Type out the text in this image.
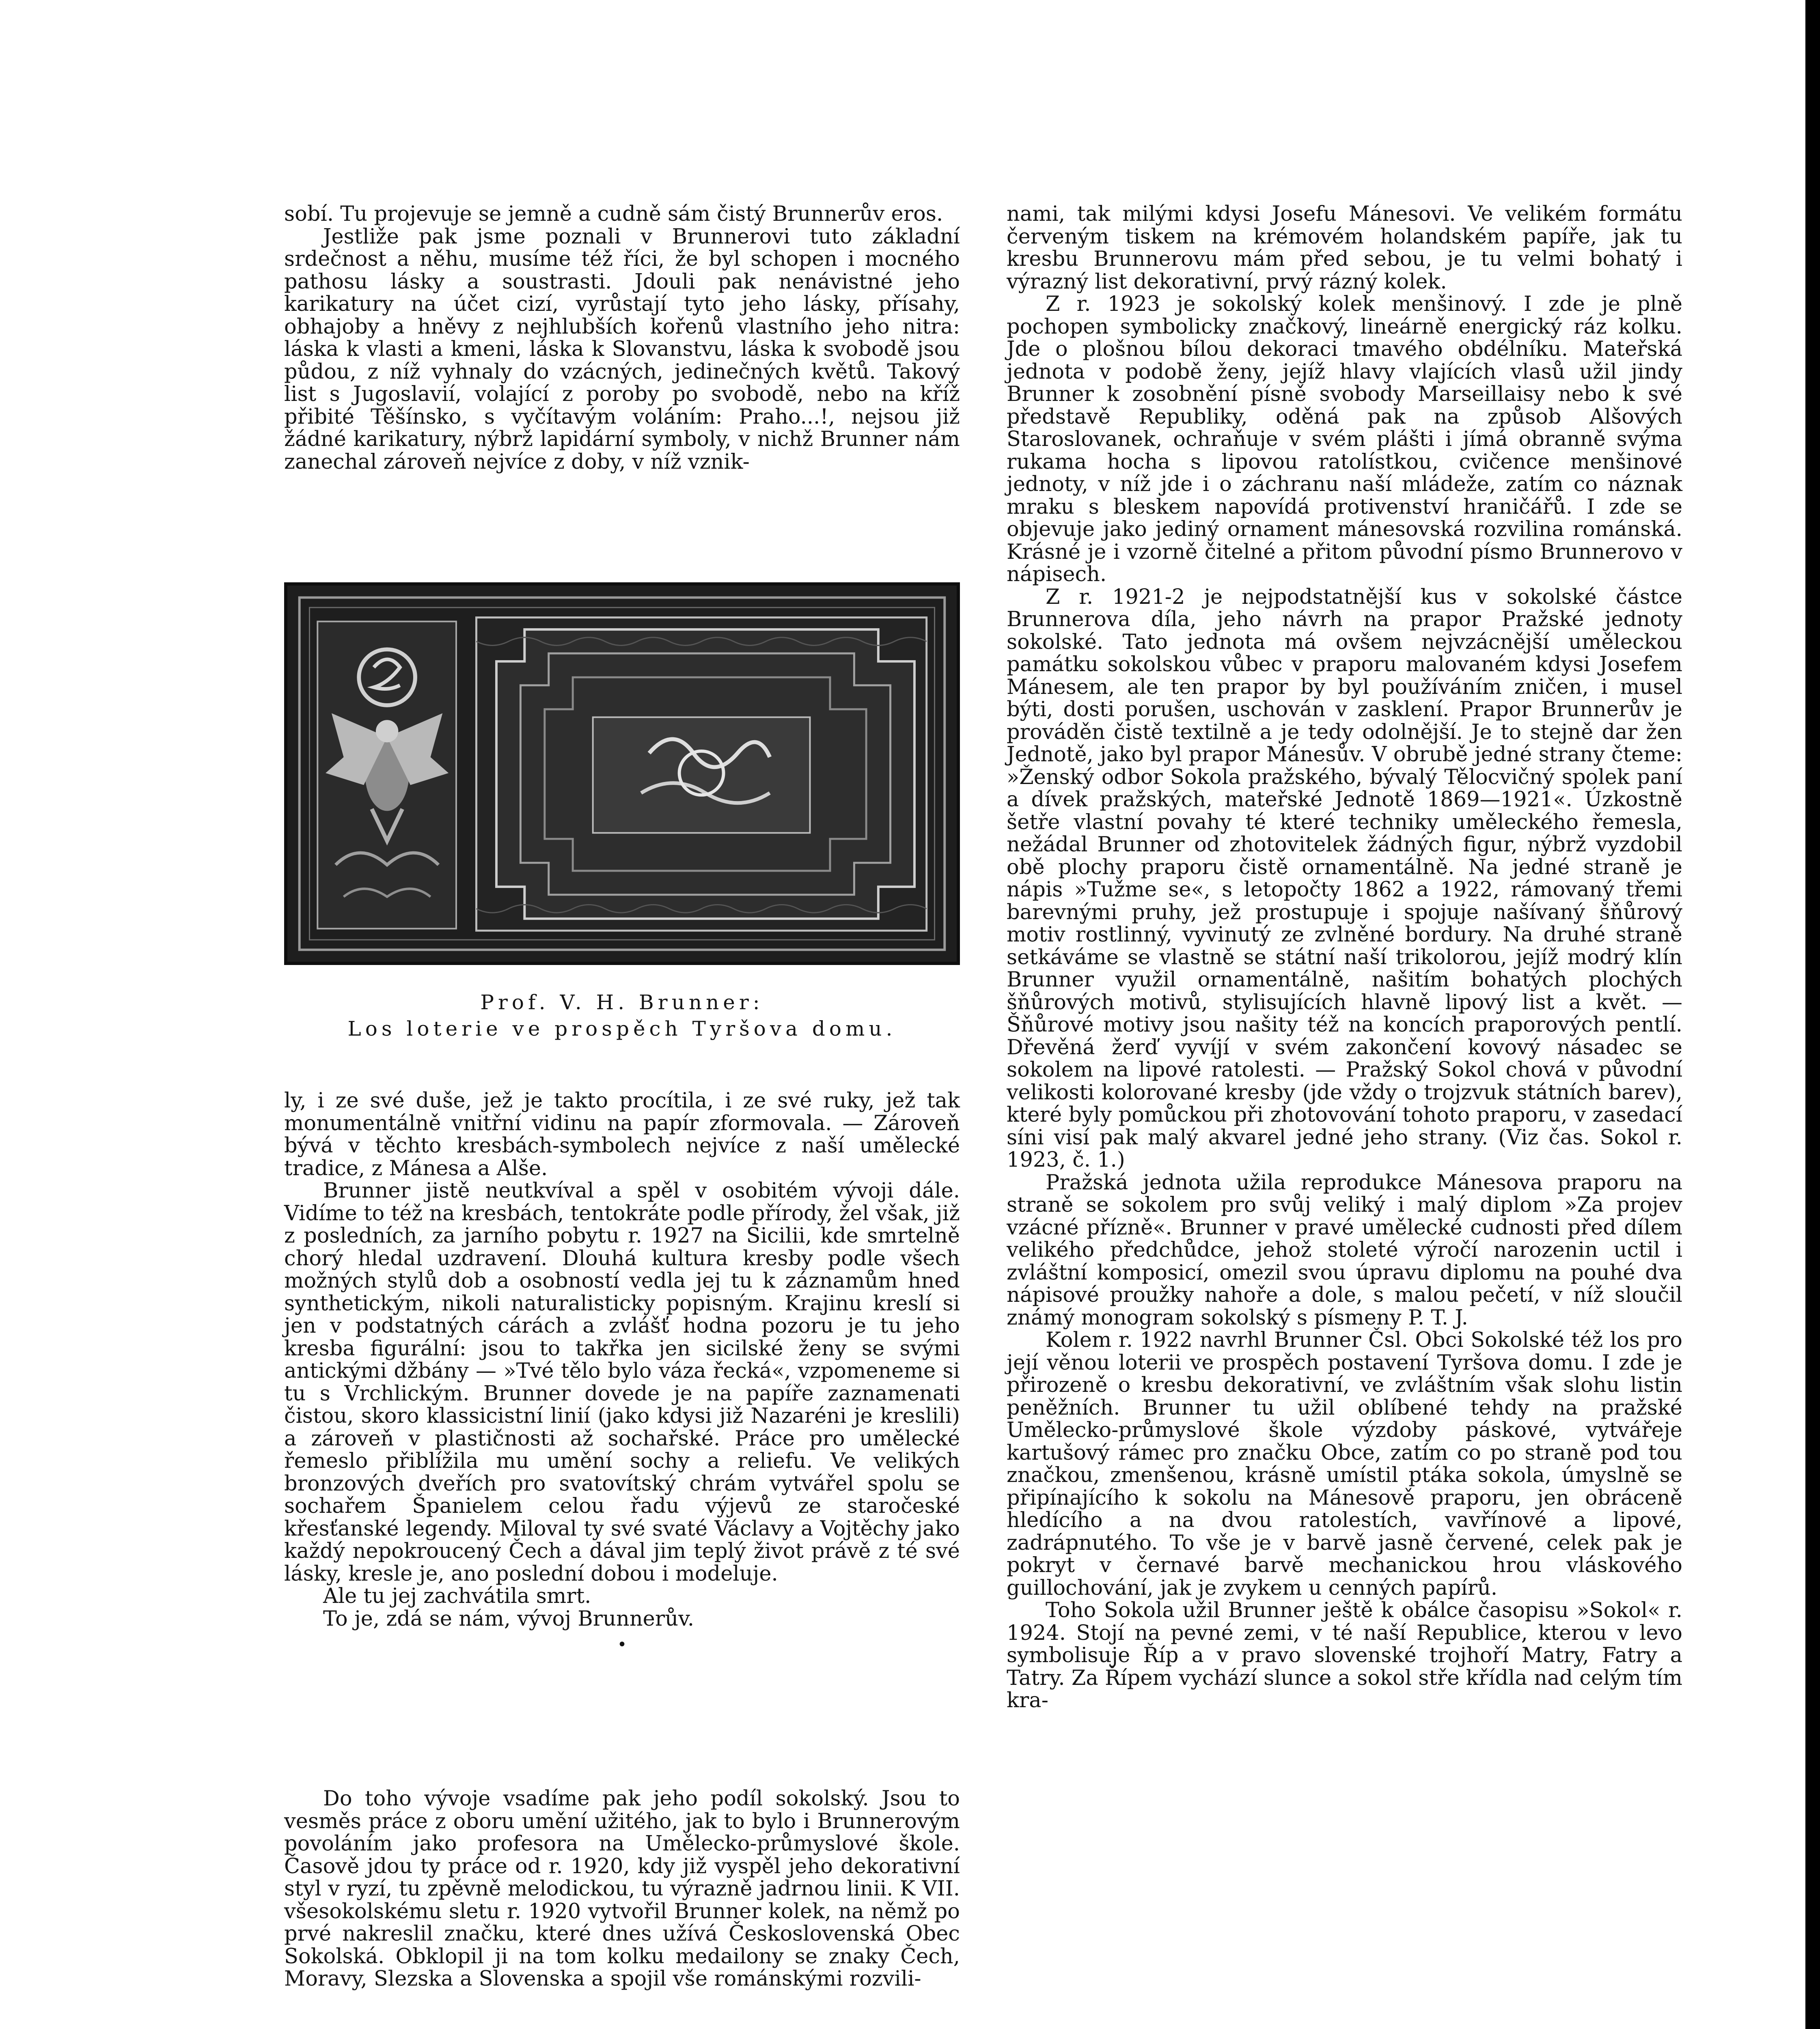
sobí. Tu projevuje se jemně a cudně sám čistý Brunnerův eros.

Jestliže pak jsme poznali v Brunnerovi tuto základní srdečnost a něhu, musíme též říci, že byl schopen i mocného pathosu lásky a soustrasti. Jdouli pak nenávistné jeho karikatury na účet cizí, vyrůstají tyto jeho lásky, přísahy, obhajoby a hněvy z nejhlubších kořenů vlastního jeho nitra: láska k vlasti a kmeni, láska k Slovanstvu, láska k svobodě jsou půdou, z níž vyhnaly do vzácných, jedinečných květů. Takový list s Jugoslavií, volající z poroby po svobodě, nebo na kříž přibité Těšínsko, s vyčítavým voláním: Praho...!, nejsou již žádné karikatury, nýbrž lapidární symboly, v nichž Brunner nám zanechal zároveň nejvíce z doby, v níž vznik-

Prof. V. H. Brunner:
Los loterie ve prospěch Tyršova domu.

ly, i ze své duše, jež je takto procítila, i ze své ruky, jež tak monumentálně vnitřní vidinu na papír zformovala. — Zároveň bývá v těchto kresbách-symbolech nejvíce z naší umělecké tradice, z Mánesa a Alše.

Brunner jistě neutkvíval a spěl v osobitém vývoji dále. Vidíme to též na kresbách, tentokráte podle přírody, žel však, již z posledních, za jarního pobytu r. 1927 na Sicilii, kde smrtelně chorý hledal uzdravení. Dlouhá kultura kresby podle všech možných stylů dob a osobností vedla jej tu k záznamům hned synthetickým, nikoli naturalisticky popisným. Krajinu kreslí si jen v podstatných cárách a zvlášť hodna pozoru je tu jeho kresba figurální: jsou to takřka jen sicilské ženy se svými antickými džbány — »Tvé tělo bylo váza řecká«, vzpomeneme si tu s Vrchlickým. Brunner dovede je na papíře zaznamenati čistou, skoro klassicistní linií (jako kdysi již Nazaréni je kreslili) a zároveň v plastičnosti až sochařské. Práce pro umělecké řemeslo přiblížila mu umění sochy a reliefu. Ve velikých bronzových dveřích pro svatovítský chrám vytvářel spolu se sochařem Španielem celou řadu výjevů ze staročeské křesťanské legendy. Miloval ty své svaté Václavy a Vojtěchy jako každý nepokroucený Čech a dával jim teplý život právě z té své lásky, kresle je, ano poslední dobou i modeluje.

Ale tu jej zachvátila smrt.

To je, zdá se nám, vývoj Brunnerův.

•

Do toho vývoje vsadíme pak jeho podíl sokolský. Jsou to vesměs práce z oboru umění užitého, jak to bylo i Brunnerovým povoláním jako profesora na Umělecko-průmyslové škole. Časově jdou ty práce od r. 1920, kdy již vyspěl jeho dekorativní styl v ryzí, tu zpěvně melodickou, tu výrazně jadrnou linii. K VII. všesokolskému sletu r. 1920 vytvořil Brunner kolek, na němž po prvé nakreslil značku, které dnes užívá Československá Obec Sokolská. Obklopil ji na tom kolku medailony se znaky Čech, Moravy, Slezska a Slovenska a spojil vše románskými rozvili-

nami, tak milými kdysi Josefu Mánesovi. Ve velikém formátu červeným tiskem na krémovém holandském papíře, jak tu kresbu Brunnerovu mám před sebou, je tu velmi bohatý i výrazný list dekorativní, prvý rázný kolek.

Z r. 1923 je sokolský kolek menšinový. I zde je plně pochopen symbolicky značkový, lineárně energický ráz kolku. Jde o plošnou bílou dekoraci tmavého obdélníku. Mateřská jednota v podobě ženy, jejíž hlavy vlajících vlasů užil jindy Brunner k zosobnění písně svobody Marseillaisy nebo k své představě Republiky, oděná pak na způsob Alšových Staroslovanek, ochraňuje v svém plášti i jímá obranně svýma rukama hocha s lipovou ratolístkou, cvičence menšinové jednoty, v níž jde i o záchranu naší mládeže, zatím co náznak mraku s bleskem napovídá protivenství hraničářů. I zde se objevuje jako jediný ornament mánesovská rozvilina románská. Krásné je i vzorně čitelné a přitom původní písmo Brunnerovo v nápisech.

Z r. 1921-2 je nejpodstatnější kus v sokolské částce Brunnerova díla, jeho návrh na prapor Pražské jednoty sokolské. Tato jednota má ovšem nejvzácnější uměleckou památku sokolskou vůbec v praporu malovaném kdysi Josefem Mánesem, ale ten prapor by byl používáním zničen, i musel býti, dosti porušen, uschován v zasklení. Prapor Brunnerův je prováděn čistě textilně a je tedy odolnější. Je to stejně dar žen Jednotě, jako byl prapor Mánesův. V obrubě jedné strany čteme: »Ženský odbor Sokola pražského, bývalý Tělocvičný spolek paní a dívek pražských, mateřské Jednotě 1869—1921«. Úzkostně šetře vlastní povahy té které techniky uměleckého řemesla, nežádal Brunner od zhotovitelek žádných figur, nýbrž vyzdobil obě plochy praporu čistě ornamentálně. Na jedné straně je nápis »Tužme se«, s letopočty 1862 a 1922, rámovaný třemi barevnými pruhy, jež prostupuje i spojuje našívaný šňůrový motiv rostlinný, vyvinutý ze zvlněné bordury. Na druhé straně setkáváme se vlastně se státní naší trikolorou, jejíž modrý klín Brunner využil ornamentálně, našitím bohatých plochých šňůrových motivů, stylisujících hlavně lipový list a květ. — Šňůrové motivy jsou našity též na koncích praporových pentlí. Dřevěná žerď vyvíjí v svém zakončení kovový násadec se sokolem na lipové ratolesti. — Pražský Sokol chová v původní velikosti kolorované kresby (jde vždy o trojzvuk státních barev), které byly pomůckou při zhotovování tohoto praporu, v zasedací síni visí pak malý akvarel jedné jeho strany. (Viz čas. Sokol r. 1923, č. 1.)

Pražská jednota užila reprodukce Mánesova praporu na straně se sokolem pro svůj veliký i malý diplom »Za projev vzácné přízně«. Brunner v pravé umělecké cudnosti před dílem velikého předchůdce, jehož stoleté výročí narozenin uctil i zvláštní komposicí, omezil svou úpravu diplomu na pouhé dva nápisové proužky nahoře a dole, s malou pečetí, v níž sloučil známý monogram sokolský s písmeny P. T. J.

Kolem r. 1922 navrhl Brunner Čsl. Obci Sokolské též los pro její věnou loterii ve prospěch postavení Tyršova domu. I zde je přirozeně o kresbu dekorativní, ve zvláštním však slohu listin peněžních. Brunner tu užil oblíbené tehdy na pražské Umělecko-průmyslové škole výzdoby páskové, vytvářeje kartušový rámec pro značku Obce, zatím co po straně pod tou značkou, zmenšenou, krásně umístil ptáka sokola, úmyslně se připínajícího k sokolu na Mánesově praporu, jen obráceně hledícího a na dvou ratolestích, vavřínové a lipové, zadrápnutého. To vše je v barvě jasně červené, celek pak je pokryt v černavé barvě mechanickou hrou vláskového guillochování, jak je zvykem u cenných papírů.

Toho Sokola užil Brunner ještě k obálce časopisu »Sokol« r. 1924. Stojí na pevné zemi, v té naší Republice, kterou v levo symbolisuje Říp a v pravo slovenské trojhoří Matry, Fatry a Tatry. Za Řípem vychází slunce a sokol stře křídla nad celým tím kra-
